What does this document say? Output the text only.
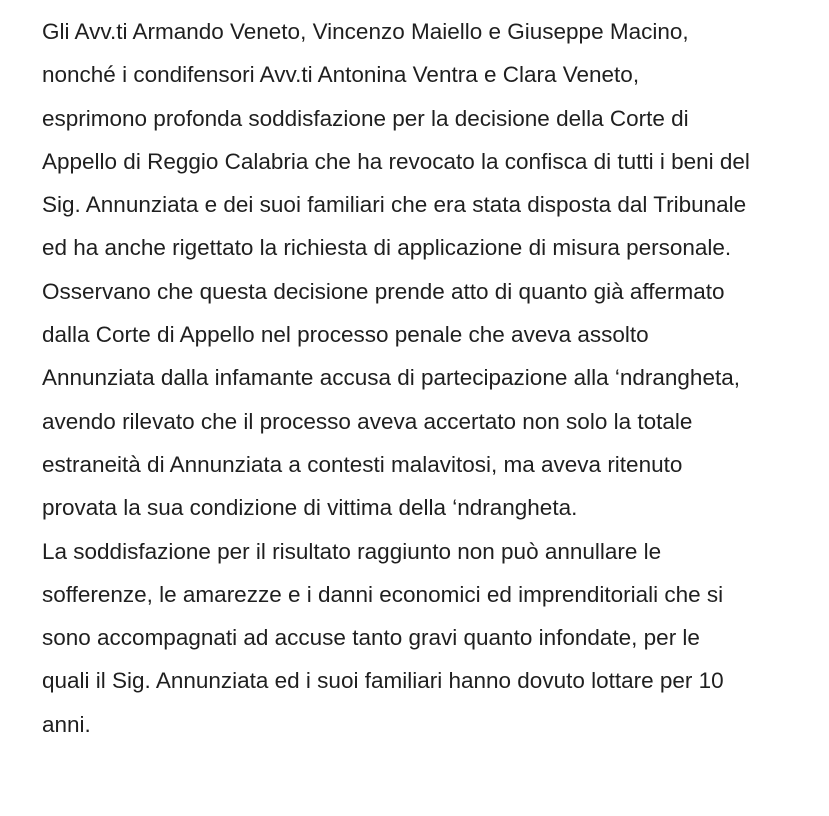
Gli Avv.ti Armando Veneto, Vincenzo Maiello e Giuseppe Macino,
nonché i condifensori Avv.ti Antonina Ventra e Clara Veneto,
esprimono profonda soddisfazione per la decisione della Corte di
Appello di Reggio Calabria che ha revocato la confisca di tutti i beni del
Sig. Annunziata e dei suoi familiari che era stata disposta dal Tribunale
ed ha anche rigettato la richiesta di applicazione di misura personale.
Osservano che questa decisione prende atto di quanto già affermato
dalla Corte di Appello nel processo penale che aveva assolto
Annunziata dalla infamante accusa di partecipazione alla ‘ndrangheta,
avendo rilevato che il processo aveva accertato non solo la totale
estraneità di Annunziata a contesti malavitosi, ma aveva ritenuto
provata la sua condizione di vittima della ‘ndrangheta.
La soddisfazione per il risultato raggiunto non può annullare le
sofferenze, le amarezze e i danni economici ed imprenditoriali che si
sono accompagnati ad accuse tanto gravi quanto infondate, per le
quali il Sig. Annunziata ed i suoi familiari hanno dovuto lottare per 10
anni.
